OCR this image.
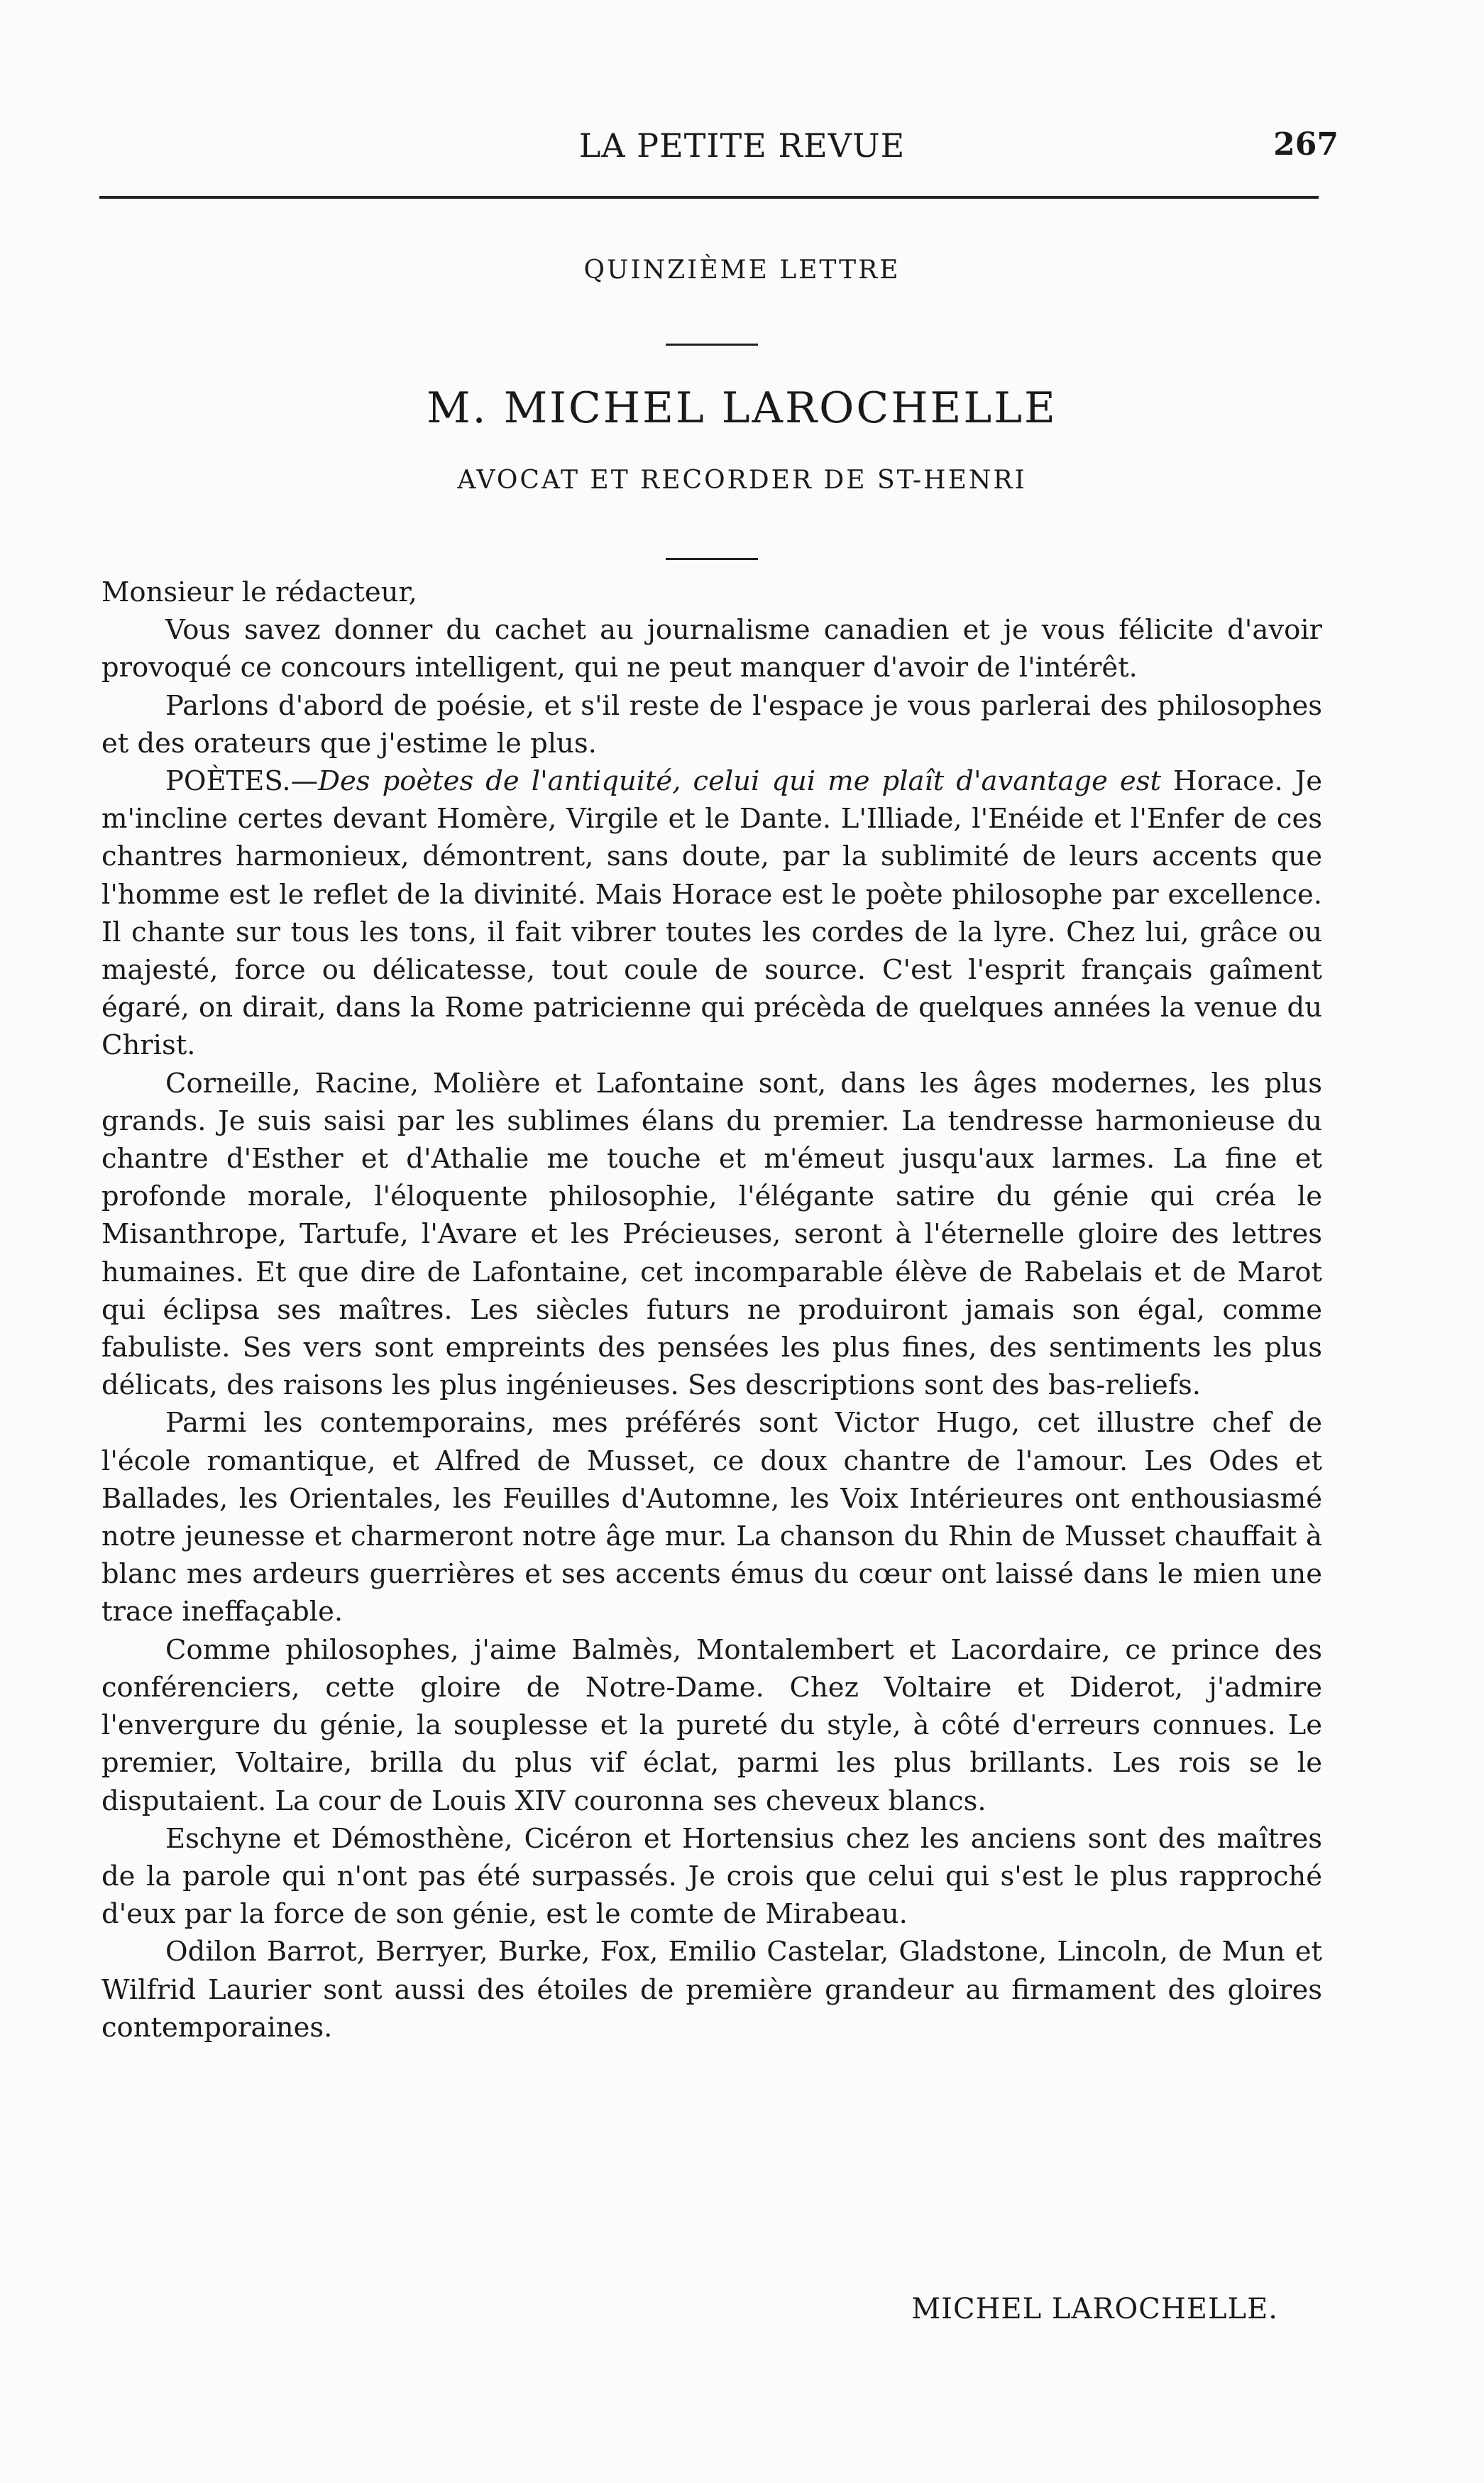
LA PETITE REVUE	267
QUINZIÈME LETTRE
M. MICHEL LAROCHELLE
AVOCAT ET RECORDER DE ST-HENRI

Monsieur le rédacteur,

Vous savez donner du cachet au journalisme canadien et je vous félicite d'avoir provoqué ce concours intelligent, qui ne peut manquer d'avoir de l'intérêt.

Parlons d'abord de poésie, et s'il reste de l'espace je vous parlerai des philosophes et des orateurs que j'estime le plus.

POÈTES.—Des poètes de l'antiquité, celui qui me plaît d'avantage est Horace. Je m'incline certes devant Homère, Virgile et le Dante. L'Illiade, l'Enéide et l'Enfer de ces chantres harmonieux, démontrent, sans doute, par la sublimité de leurs accents que l'homme est le reflet de la divinité. Mais Horace est le poète philosophe par excellence. Il chante sur tous les tons, il fait vibrer toutes les cordes de la lyre. Chez lui, grâce ou majesté, force ou délicatesse, tout coule de source. C'est l'esprit français gaîment égaré, on dirait, dans la Rome patricienne qui précèda de quelques années la venue du Christ.

Corneille, Racine, Molière et Lafontaine sont, dans les âges modernes, les plus grands. Je suis saisi par les sublimes élans du premier. La tendresse harmonieuse du chantre d'Esther et d'Athalie me touche et m'émeut jusqu'aux larmes. La fine et profonde morale, l'éloquente philosophie, l'élégante satire du génie qui créa le Misanthrope, Tartufe, l'Avare et les Précieuses, seront à l'éternelle gloire des lettres humaines. Et que dire de Lafontaine, cet incomparable élève de Rabelais et de Marot qui éclipsa ses maîtres. Les siècles futurs ne produiront jamais son égal, comme fabuliste. Ses vers sont empreints des pensées les plus fines, des sentiments les plus délicats, des raisons les plus ingénieuses. Ses descriptions sont des bas-reliefs.

Parmi les contemporains, mes préférés sont Victor Hugo, cet illustre chef de l'école romantique, et Alfred de Musset, ce doux chantre de l'amour. Les Odes et Ballades, les Orientales, les Feuilles d'Automne, les Voix Intérieures ont enthousiasmé notre jeunesse et charmeront notre âge mur. La chanson du Rhin de Musset chauffait à blanc mes ardeurs guerrières et ses accents émus du cœur ont laissé dans le mien une trace ineffaçable.

Comme philosophes, j'aime Balmès, Montalembert et Lacordaire, ce prince des conférenciers, cette gloire de Notre-Dame. Chez Voltaire et Diderot, j'admire l'envergure du génie, la souplesse et la pureté du style, à côté d'erreurs connues. Le premier, Voltaire, brilla du plus vif éclat, parmi les plus brillants. Les rois se le disputaient. La cour de Louis XIV couronna ses cheveux blancs.

Eschyne et Démosthène, Cicéron et Hortensius chez les anciens sont des maîtres de la parole qui n'ont pas été surpassés. Je crois que celui qui s'est le plus rapproché d'eux par la force de son génie, est le comte de Mirabeau.

Odilon Barrot, Berryer, Burke, Fox, Emilio Castelar, Gladstone, Lincoln, de Mun et Wilfrid Laurier sont aussi des étoiles de première grandeur au firmament des gloires contemporaines.

MICHEL LAROCHELLE.
